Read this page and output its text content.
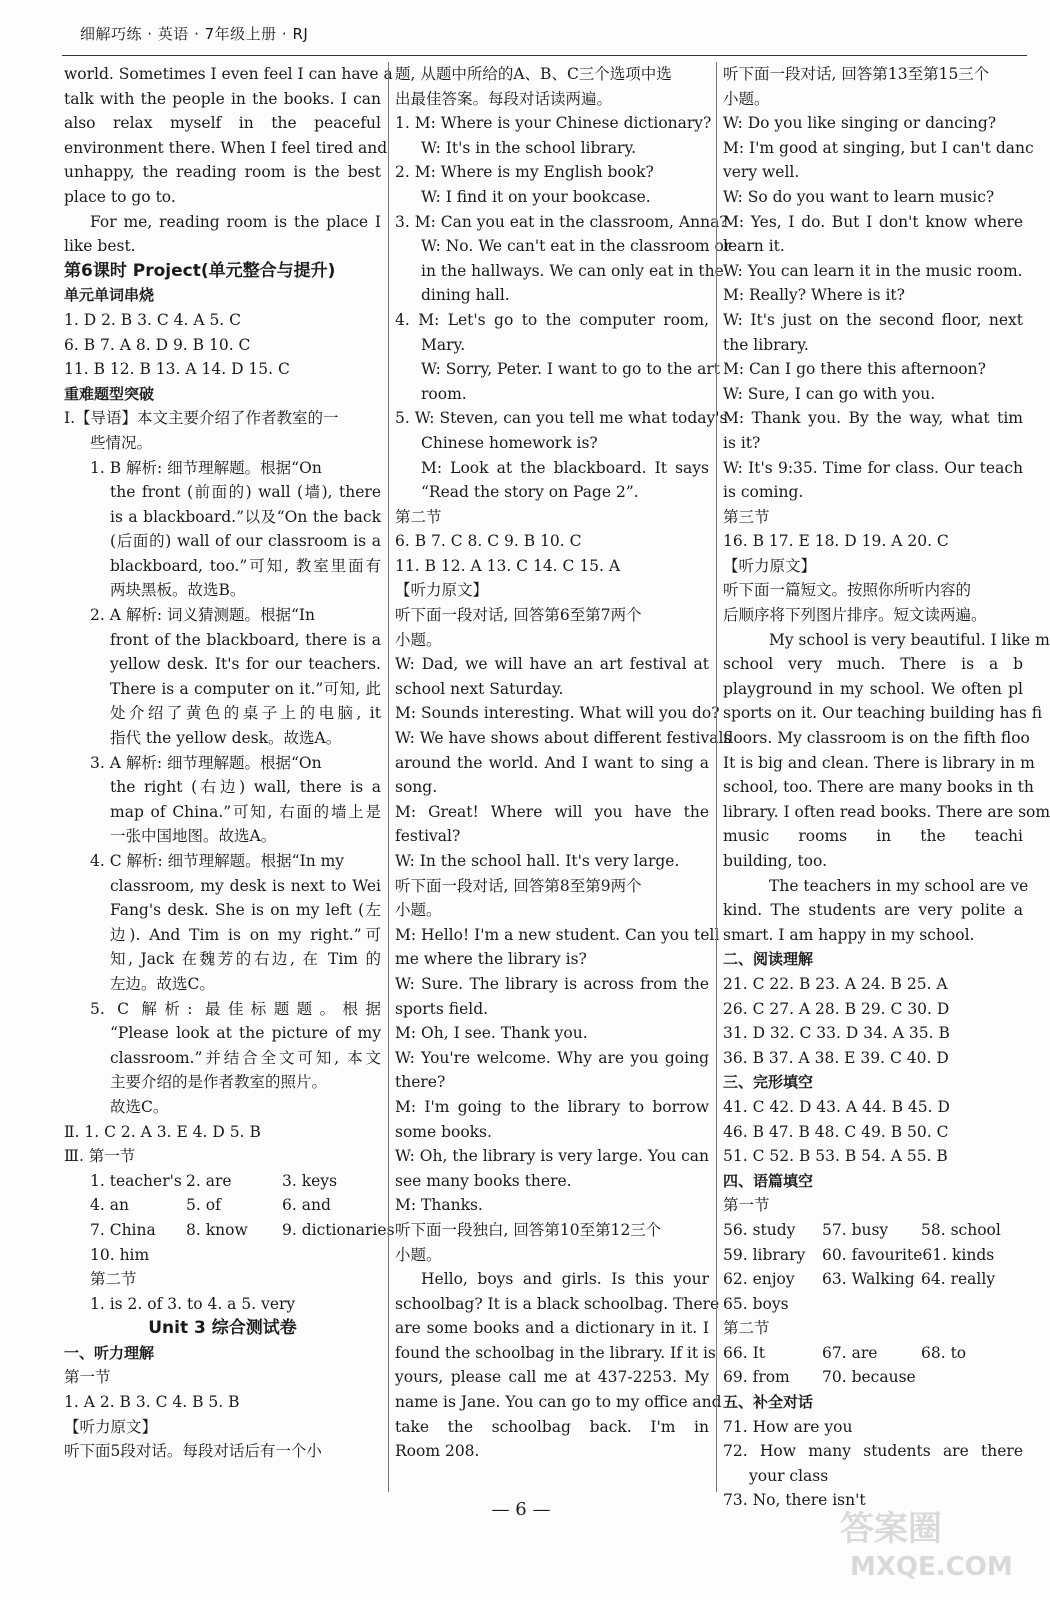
细解巧练 · 英语 · 7年级上册 · RJ
world. Sometimes I even feel I can have a
talk with the people in the books. I can
also relax myself in the peaceful
environment there. When I feel tired and
unhappy, the reading room is the best
place to go to.
For me, reading room is the place I
like best.
第6课时 Project(单元整合与提升)
单元单词串烧
1. D 2. B 3. C 4. A 5. C
6. B 7. A 8. D 9. B 10. C
11. B 12. B 13. A 14. D 15. C
重难题型突破
Ⅰ.【导语】本文主要介绍了作者教室的一
些情况。
1. B 解析: 细节理解题。根据“On
the front (前面的) wall (墙), there
is a blackboard.”以及“On the back
(后面的) wall of our classroom is a
blackboard, too.”可知, 教室里面有
两块黑板。故选B。
2. A 解析: 词义猜测题。根据“In
front of the blackboard, there is a
yellow desk. It's for our teachers.
There is a computer on it.”可知, 此
处介绍了黄色的桌子上的电脑, it
指代 the yellow desk。故选A。
3. A 解析: 细节理解题。根据“On
the right (右边) wall, there is a
map of China.”可知, 右面的墙上是
一张中国地图。故选A。
4. C 解析: 细节理解题。根据“In my
classroom, my desk is next to Wei
Fang's desk. She is on my left (左
边). And Tim is on my right.”可
知, Jack 在魏芳的右边, 在 Tim 的
左边。故选C。
5. C 解析: 最佳标题题。根据
“Please look at the picture of my
classroom.”并结合全文可知, 本文
主要介绍的是作者教室的照片。
故选C。
Ⅱ. 1. C 2. A 3. E 4. D 5. B
Ⅲ. 第一节
1. teacher's 2. are	3. keys
4. an	5. of	6. and
7. China	8. know	9. dictionaries
10. him
第二节
1. is 2. of 3. to 4. a 5. very
Unit 3 综合测试卷
一、听力理解
第一节
1. A 2. B 3. C 4. B 5. B
【听力原文】
听下面5段对话。每段对话后有一个小
题, 从题中所给的A、B、C三个选项中选
出最佳答案。每段对话读两遍。
1. M: Where is your Chinese dictionary?
W: It's in the school library.
2. M: Where is my English book?
W: I find it on your bookcase.
3. M: Can you eat in the classroom, Anna?
W: No. We can't eat in the classroom or
in the hallways. We can only eat in the
dining hall.
4. M: Let's go to the computer room,
Mary.
W: Sorry, Peter. I want to go to the art
room.
5. W: Steven, can you tell me what today's
Chinese homework is?
M: Look at the blackboard. It says
“Read the story on Page 2”.
第二节
6. B 7. C 8. C 9. B 10. C
11. B 12. A 13. C 14. C 15. A
【听力原文】
听下面一段对话, 回答第6至第7两个
小题。
W: Dad, we will have an art festival at
school next Saturday.
M: Sounds interesting. What will you do?
W: We have shows about different festivals
around the world. And I want to sing a
song.
M: Great! Where will you have the
festival?
W: In the school hall. It's very large.
听下面一段对话, 回答第8至第9两个
小题。
M: Hello! I'm a new student. Can you tell
me where the library is?
W: Sure. The library is across from the
sports field.
M: Oh, I see. Thank you.
W: You're welcome. Why are you going
there?
M: I'm going to the library to borrow
some books.
W: Oh, the library is very large. You can
see many books there.
M: Thanks.
听下面一段独白, 回答第10至第12三个
小题。
Hello, boys and girls. Is this your
schoolbag? It is a black schoolbag. There
are some books and a dictionary in it. I
found the schoolbag in the library. If it is
yours, please call me at 437-2253. My
name is Jane. You can go to my office and
take the schoolbag back. I'm in
Room 208.
听下面一段对话, 回答第13至第15三个
小题。
W: Do you like singing or dancing?
M: I'm good at singing, but I can't danc
very well.
W: So do you want to learn music?
M: Yes, I do. But I don't know where
learn it.
W: You can learn it in the music room.
M: Really? Where is it?
W: It's just on the second floor, next
the library.
M: Can I go there this afternoon?
W: Sure, I can go with you.
M: Thank you. By the way, what tim
is it?
W: It's 9:35. Time for class. Our teach
is coming.
第三节
16. B 17. E 18. D 19. A 20. C
【听力原文】
听下面一篇短文。按照你所听内容的
后顺序将下列图片排序。短文读两遍。
My school is very beautiful. I like m
school very much. There is a b
playground in my school. We often pl
sports on it. Our teaching building has fi
floors. My classroom is on the fifth floo
It is big and clean. There is library in m
school, too. There are many books in th
library. I often read books. There are som
music rooms in the teachi
building, too.
The teachers in my school are ve
kind. The students are very polite a
smart. I am happy in my school.
二、阅读理解
21. C 22. B 23. A 24. B 25. A
26. C 27. A 28. B 29. C 30. D
31. D 32. C 33. D 34. A 35. B
36. B 37. A 38. E 39. C 40. D
三、完形填空
41. C 42. D 43. A 44. B 45. D
46. B 47. B 48. C 49. B 50. C
51. C 52. B 53. B 54. A 55. B
四、语篇填空
第一节
56. study	57. busy	58. school
59. library	60. favourite 61. kinds
62. enjoy	63. Walking 64. really
65. boys
第二节
66. It	67. are	68. to
69. from	70. because
五、补全对话
71. How are you
72. How many students are there
your class
73. No, there isn't
— 6 —	答案圈
MXQE.COM
